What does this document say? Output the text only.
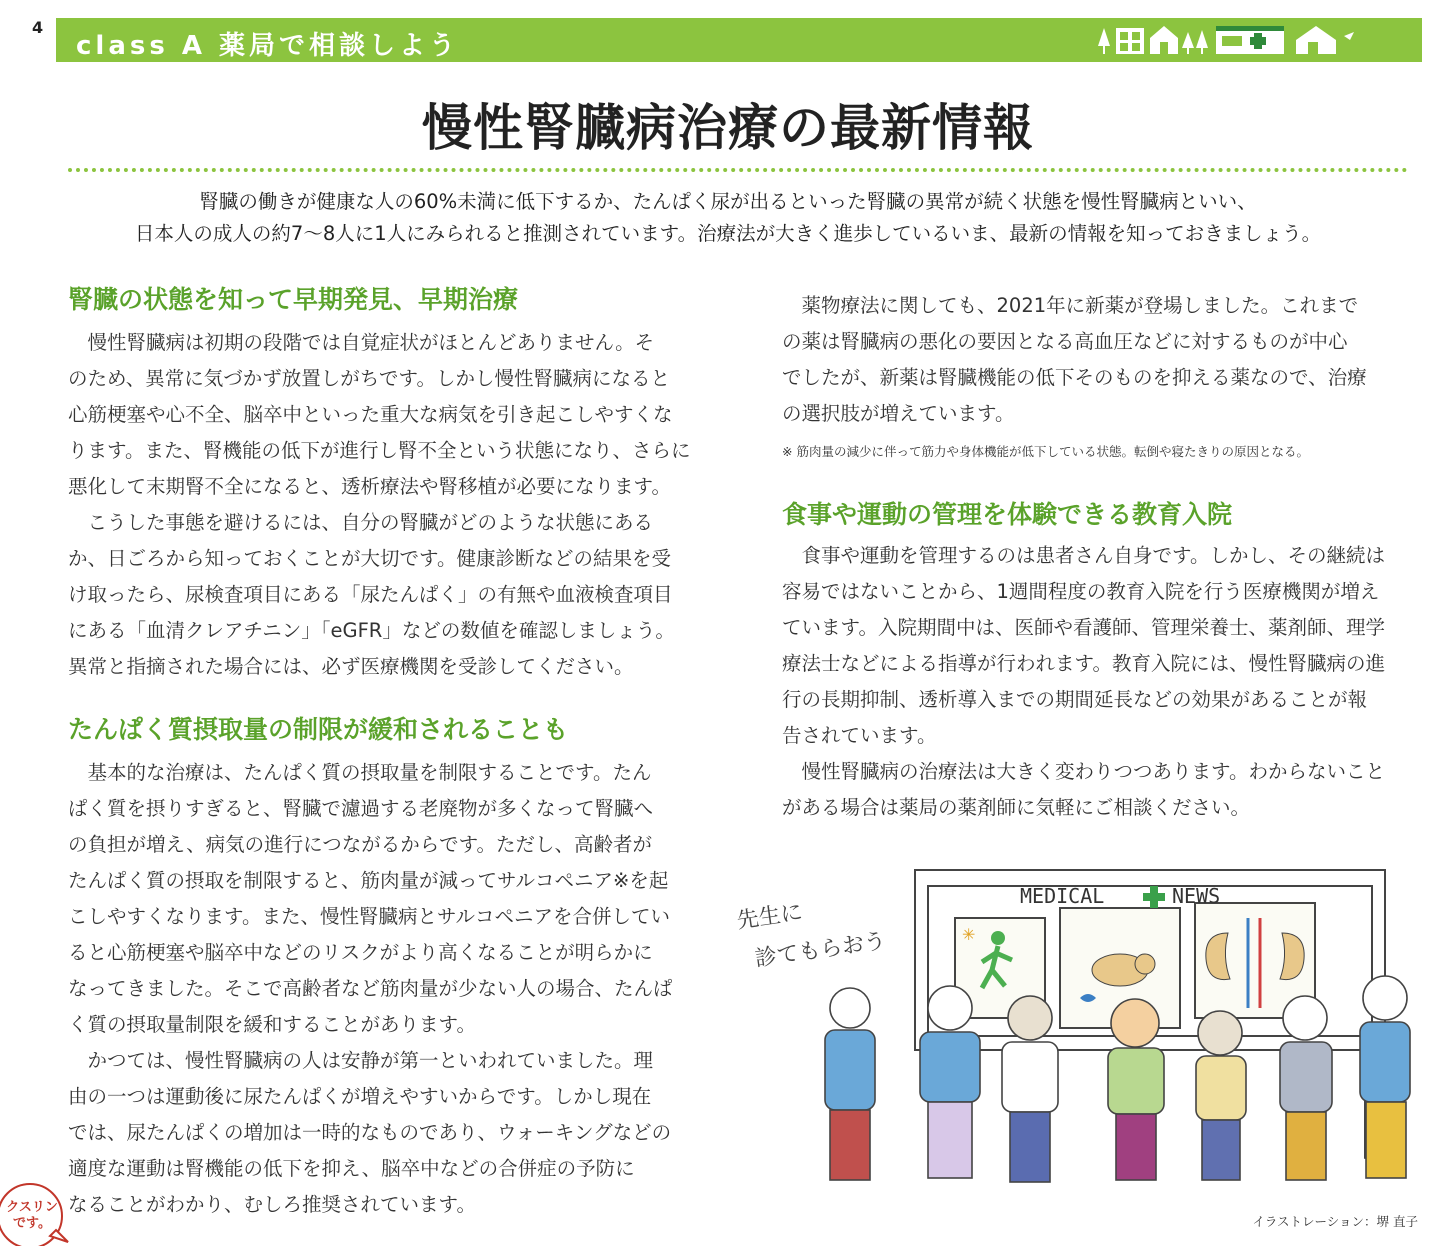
4
class A 薬局で相談しよう
慢性腎臓病治療の最新情報
腎臓の働きが健康な人の60%未満に低下するか、たんぱく尿が出るといった腎臓の異常が続く状態を慢性腎臓病といい、
日本人の成人の約7〜8人に1人にみられると推測されています。治療法が大きく進歩しているいま、最新の情報を知っておきましょう。
腎臓の状態を知って早期発見、早期治療
　慢性腎臓病は初期の段階では自覚症状がほとんどありません。そ
のため、異常に気づかず放置しがちです。しかし慢性腎臓病になると
心筋梗塞や心不全、脳卒中といった重大な病気を引き起こしやすくな
ります。また、腎機能の低下が進行し腎不全という状態になり、さらに
悪化して末期腎不全になると、透析療法や腎移植が必要になります。
　こうした事態を避けるには、自分の腎臓がどのような状態にある
か、日ごろから知っておくことが大切です。健康診断などの結果を受
け取ったら、尿検査項目にある「尿たんぱく」の有無や血液検査項目
にある「血清クレアチニン」「eGFR」などの数値を確認しましょう。
異常と指摘された場合には、必ず医療機関を受診してください。
たんぱく質摂取量の制限が緩和されることも
　基本的な治療は、たんぱく質の摂取量を制限することです。たん
ぱく質を摂りすぎると、腎臓で濾過する老廃物が多くなって腎臓へ
の負担が増え、病気の進行につながるからです。ただし、高齢者が
たんぱく質の摂取を制限すると、筋肉量が減ってサルコペニア※を起
こしやすくなります。また、慢性腎臓病とサルコペニアを合併してい
ると心筋梗塞や脳卒中などのリスクがより高くなることが明らかに
なってきました。そこで高齢者など筋肉量が少ない人の場合、たんぱ
く質の摂取量制限を緩和することがあります。
　かつては、慢性腎臓病の人は安静が第一といわれていました。理
由の一つは運動後に尿たんぱくが増えやすいからです。しかし現在
では、尿たんぱくの増加は一時的なものであり、ウォーキングなどの
適度な運動は腎機能の低下を抑え、脳卒中などの合併症の予防に
なることがわかり、むしろ推奨されています。
　薬物療法に関しても、2021年に新薬が登場しました。これまで
の薬は腎臓病の悪化の要因となる高血圧などに対するものが中心
でしたが、新薬は腎臓機能の低下そのものを抑える薬なので、治療
の選択肢が増えています。
※ 筋肉量の減少に伴って筋力や身体機能が低下している状態。転倒や寝たきりの原因となる。
食事や運動の管理を体験できる教育入院
　食事や運動を管理するのは患者さん自身です。しかし、その継続は
容易ではないことから、1週間程度の教育入院を行う医療機関が増え
ています。入院期間中は、医師や看護師、管理栄養士、薬剤師、理学
療法士などによる指導が行われます。教育入院には、慢性腎臓病の進
行の長期抑制、透析導入までの期間延長などの効果があることが報
告されています。
　慢性腎臓病の治療法は大きく変わりつつあります。わからないこと
がある場合は薬局の薬剤師に気軽にご相談ください。
MEDICAL	NEWS
✳
先生に
診てもらおう
イラストレーション：堺 直子
クスリン
です。
